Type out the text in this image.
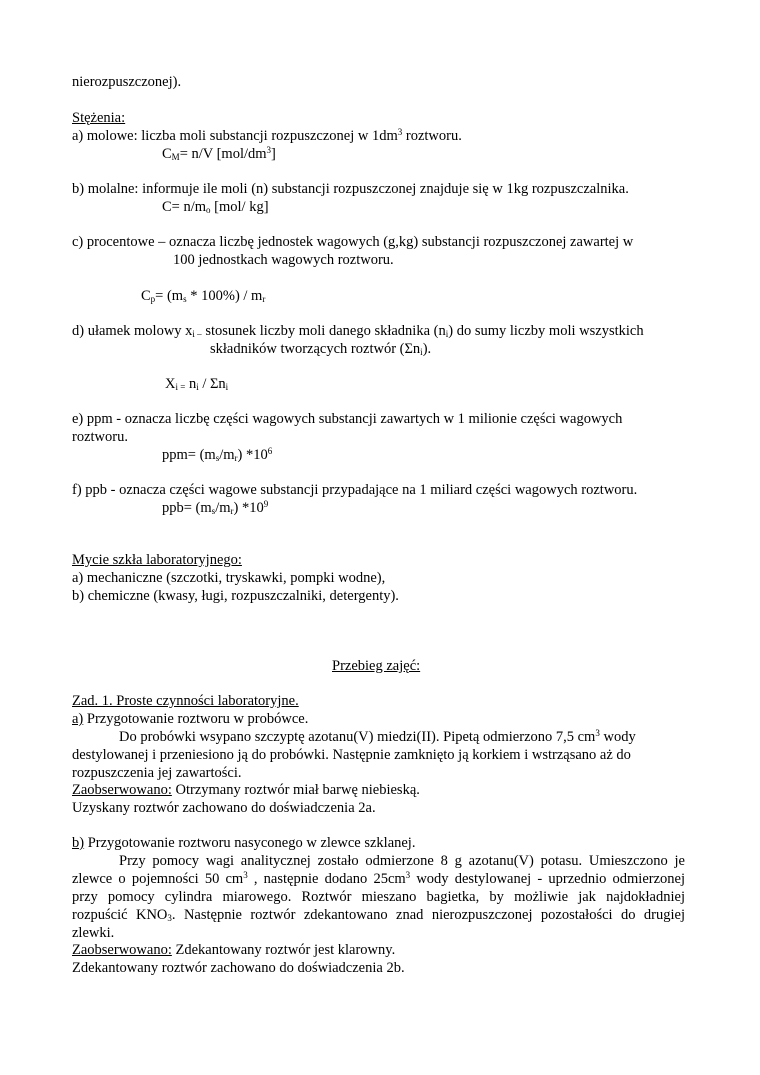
nierozpuszczonej).
Stężenia:
a) molowe: liczba moli substancji rozpuszczonej w $1dm^3$ roztworu.
$C_M= n/V$ $[mol/dm^3]$
b) molalne: informuje ile moli (n) substancji rozpuszczonej znajduje się w 1kg rozpuszczalnika.
$C= n/m_o$ [mol/ kg]
c) procentowe – oznacza liczbę jednostek wagowych (g,kg) substancji rozpuszczonej zawartej w
100 jednostkach wagowych roztworu.
$C_p= (m_s * 100\%) / m_r$
d) ułamek molowy $x_{i -}$ stosunek liczby moli danego składnika $(n_i)$ do sumy liczby moli wszystkich
składników tworzących roztwór $(\Sigma n_i)$.
$X_{i =}$ $n_i / \Sigma n_i$
e) ppm - oznacza liczbę części wagowych substancji zawartych w 1 milionie części wagowych
roztworu.
$ppm= (m_s/m_r)$ $*10^6$
f) ppb - oznacza części wagowe substancji przypadające na 1 miliard części wagowych roztworu.
$ppb= (m_s/m_r)$ $*10^9$
Mycie szkła laboratoryjnego:
a) mechaniczne (szczotki, tryskawki, pompki wodne),
b) chemiczne (kwasy, ługi, rozpuszczalniki, detergenty).
Przebieg zajęć:
Zad. 1. Proste czynności laboratoryjne.
a) Przygotowanie roztworu w probówce.
Do probówki wsypano szczyptę azotanu(V) miedzi(II). Pipetą odmierzono 7,5 $cm^3$ wody
destylowanej i przeniesiono ją do probówki. Następnie zamknięto ją korkiem i wstrząsano aż do
rozpuszczenia jej zawartości.
Zaobserwowano: Otrzymany roztwór miał barwę niebieską.
Uzyskany roztwór zachowano do doświadczenia 2a.
b) Przygotowanie roztworu nasyconego w zlewce szklanej.
Przy pomocy wagi analitycznej zostało odmierzone 8 g azotanu(V) potasu. Umieszczono je
zlewce o pojemności 50 $cm^3$ , następnie dodano $25cm^3$ wody destylowanej - uprzednio odmierzonej
przy pomocy cylindra miarowego. Roztwór mieszano bagietka, by możliwie jak najdokładniej
rozpuścić $KNO_3$. Następnie roztwór zdekantowano znad nierozpuszczonej pozostałości do drugiej
zlewki.
Zaobserwowano: Zdekantowany roztwór jest klarowny.
Zdekantowany roztwór zachowano do doświadczenia 2b.
